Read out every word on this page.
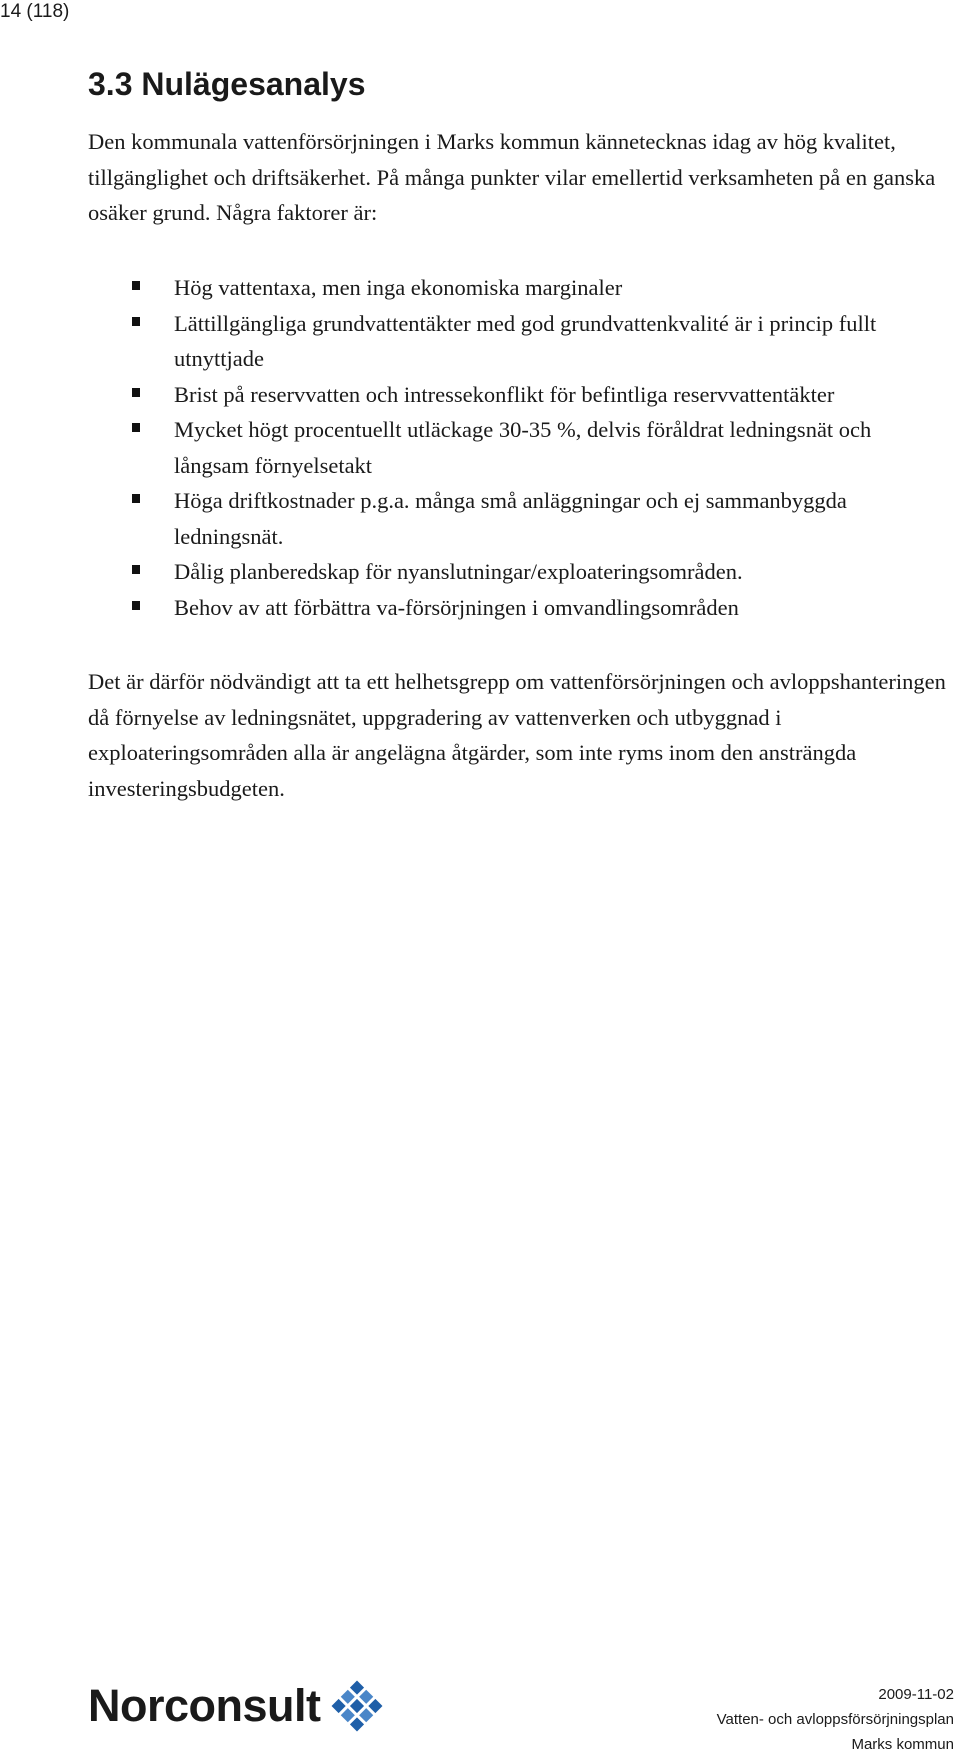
14 (118)
3.3 Nulägesanalys

Den kommunala vattenförsörjningen i Marks kommun kännetecknas idag av hög kvalitet, tillgänglighet och driftsäkerhet. På många punkter vilar emellertid verksamheten på en ganska osäker grund. Några faktorer är:

Hög vattentaxa, men inga ekonomiska marginaler
Lättillgängliga grundvattentäkter med god grundvattenkvalité är i princip fullt utnyttjade
Brist på reservvatten och intressekonflikt för befintliga reservvattentäkter
Mycket högt procentuellt utläckage 30-35 %, delvis föråldrat ledningsnät och långsam förnyelsetakt
Höga driftkostnader p.g.a. många små anläggningar och ej sammanbyggda ledningsnät.
Dålig planberedskap för nyanslutningar/exploateringsområden.
Behov av att förbättra va-försörjningen i omvandlingsområden

Det är därför nödvändigt att ta ett helhetsgrepp om vattenförsörjningen och avloppshanteringen då förnyelse av ledningsnätet, uppgradering av vattenverken och utbyggnad i exploateringsområden alla är angelägna åtgärder, som inte ryms inom den ansträngda investeringsbudgeten.

Norconsult	2009-11-02
Vatten- och avloppsförsörjningsplan
Marks kommun
